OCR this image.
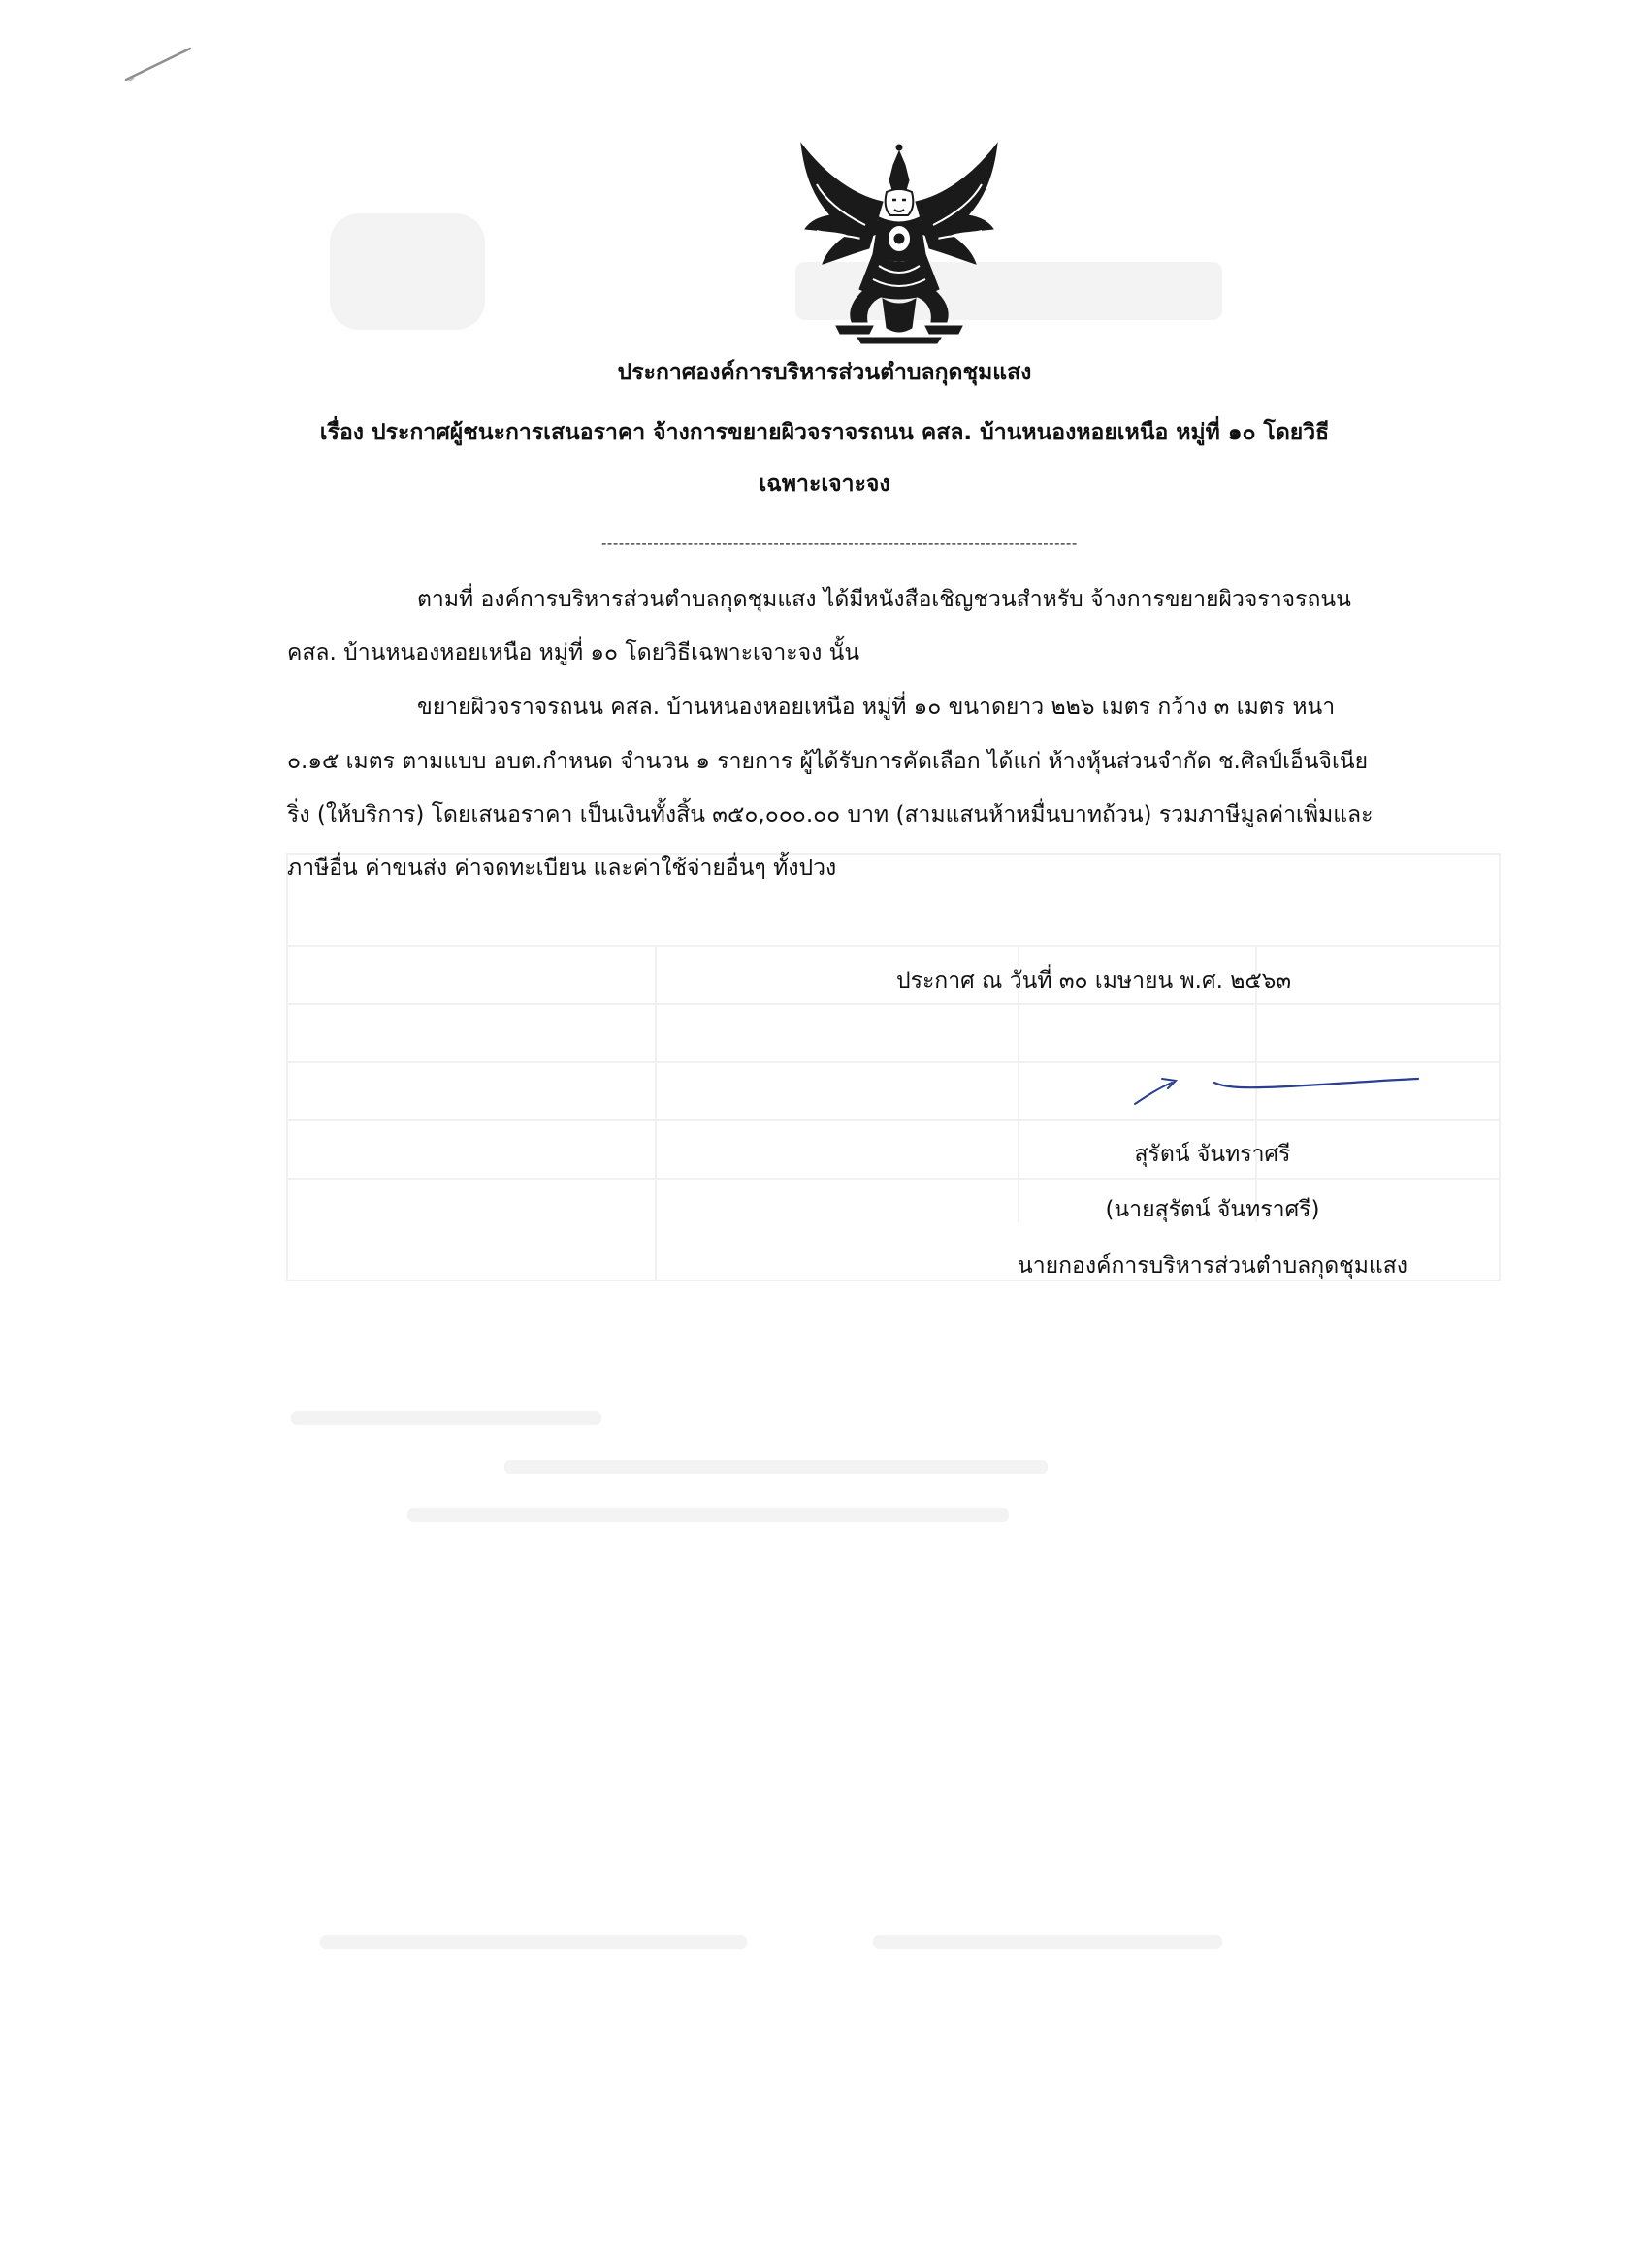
ประกาศองค์การบริหารส่วนตำบลกุดชุมแสง
เรื่อง ประกาศผู้ชนะการเสนอราคา จ้างการขยายผิวจราจรถนน คสล. บ้านหนองหอยเหนือ หมู่ที่ ๑๐ โดยวิธี
เฉพาะเจาะจง
-----------------------------------------------------------------------------------
ตามที่ องค์การบริหารส่วนตำบลกุดชุมแสง ได้มีหนังสือเชิญชวนสำหรับ จ้างการขยายผิวจราจรถนน
คสล. บ้านหนองหอยเหนือ หมู่ที่ ๑๐ โดยวิธีเฉพาะเจาะจง นั้น
ขยายผิวจราจรถนน คสล. บ้านหนองหอยเหนือ หมู่ที่ ๑๐ ขนาดยาว ๒๒๖ เมตร กว้าง ๓ เมตร หนา
๐.๑๕ เมตร ตามแบบ อบต.กำหนด จำนวน ๑ รายการ ผู้ได้รับการคัดเลือก ได้แก่ ห้างหุ้นส่วนจำกัด ช.ศิลป์เอ็นจิเนีย
ริ่ง (ให้บริการ) โดยเสนอราคา เป็นเงินทั้งสิ้น ๓๕๐,๐๐๐.๐๐ บาท (สามแสนห้าหมื่นบาทถ้วน) รวมภาษีมูลค่าเพิ่มและ
ภาษีอื่น ค่าขนส่ง ค่าจดทะเบียน และค่าใช้จ่ายอื่นๆ ทั้งปวง
ประกาศ ณ วันที่ ๓๐ เมษายน พ.ศ. ๒๕๖๓
สุรัตน์ จันทราศรี
(นายสุรัตน์ จันทราศรี)
นายกองค์การบริหารส่วนตำบลกุดชุมแสง
